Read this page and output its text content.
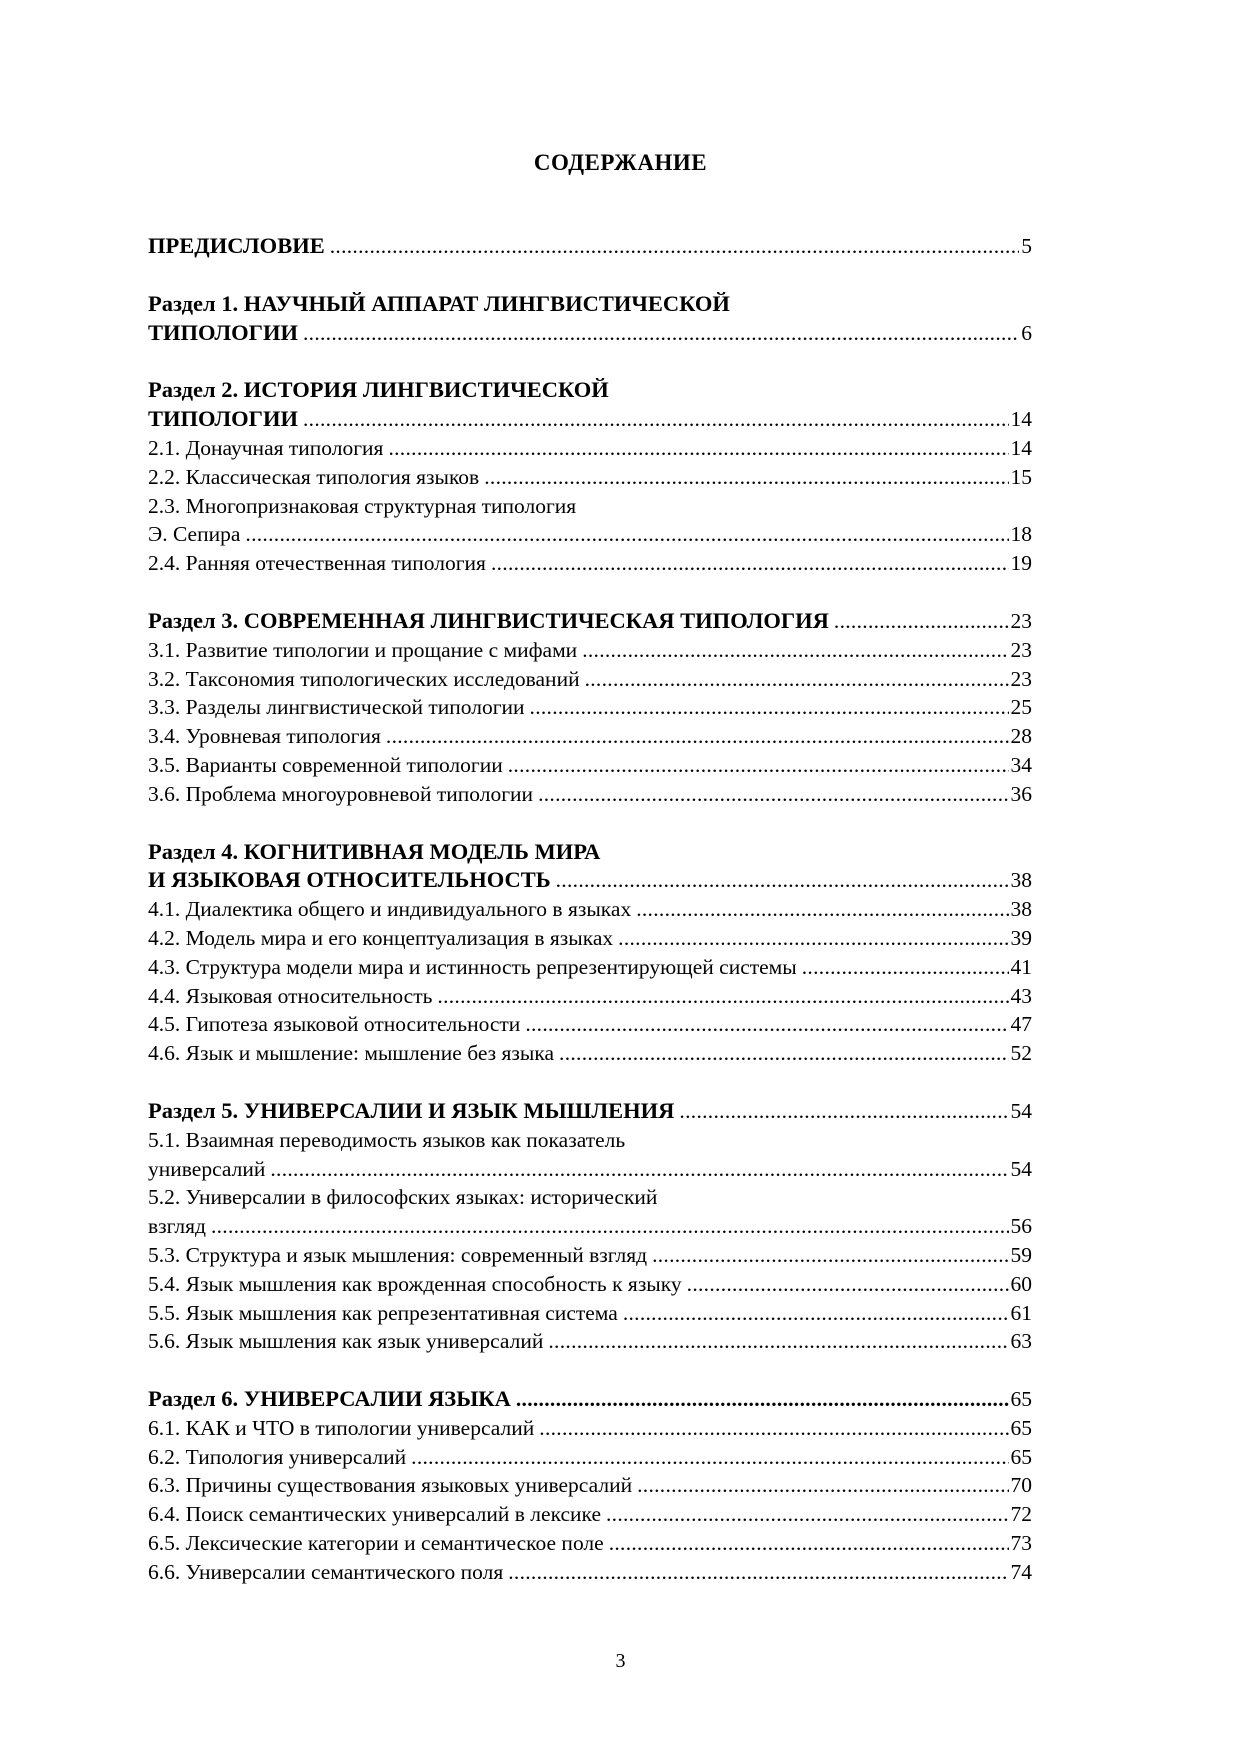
СОДЕРЖАНИЕ
ПРЕДИСЛОВИЕ .....	5
Раздел 1. НАУЧНЫЙ АППАРАТ ЛИНГВИСТИЧЕСКОЙ
ТИПОЛОГИИ .....	6
Раздел 2. ИСТОРИЯ ЛИНГВИСТИЧЕСКОЙ
ТИПОЛОГИИ .....	14
2.1. Донаучная типология .....	14
2.2. Классическая типология языков .....	15
2.3. Многопризнаковая структурная типология
Э. Сепира .....	18
2.4. Ранняя отечественная типология .....	19
Раздел 3. СОВРЕМЕННАЯ ЛИНГВИСТИЧЕСКАЯ ТИПОЛОГИЯ .....	23
3.1. Развитие типологии и прощание с мифами .....	23
3.2. Таксономия типологических исследований .....	23
3.3. Разделы лингвистической типологии .....	25
3.4. Уровневая типология .....	28
3.5. Варианты современной типологии .....	34
3.6. Проблема многоуровневой типологии .....	36
Раздел 4. КОГНИТИВНАЯ МОДЕЛЬ МИРА
И ЯЗЫКОВАЯ ОТНОСИТЕЛЬНОСТЬ .....	38
4.1. Диалектика общего и индивидуального в языках .....	38
4.2. Модель мира и его концептуализация в языках .....	39
4.3. Структура модели мира и истинность репрезентирующей системы .....	41
4.4. Языковая относительность .....	43
4.5. Гипотеза языковой относительности .....	47
4.6. Язык и мышление: мышление без языка .....	52
Раздел 5. УНИВЕРСАЛИИ И ЯЗЫК МЫШЛЕНИЯ .....	54
5.1. Взаимная переводимость языков как показатель
универсалий .....	54
5.2. Универсалии в философских языках: исторический
взгляд .....	56
5.3. Структура и язык мышления: современный взгляд .....	59
5.4. Язык мышления как врожденная способность к языку .....	60
5.5. Язык мышления как репрезентативная система .....	61
5.6. Язык мышления как язык универсалий .....	63
Раздел 6. УНИВЕРСАЛИИ ЯЗЫКА .....	65
6.1. КАК и ЧТО в типологии универсалий .....	65
6.2. Типология универсалий .....	65
6.3. Причины существования языковых универсалий .....	70
6.4. Поиск семантических универсалий в лексике .....	72
6.5. Лексические категории и семантическое поле .....	73
6.6. Универсалии семантического поля .....	74
3
